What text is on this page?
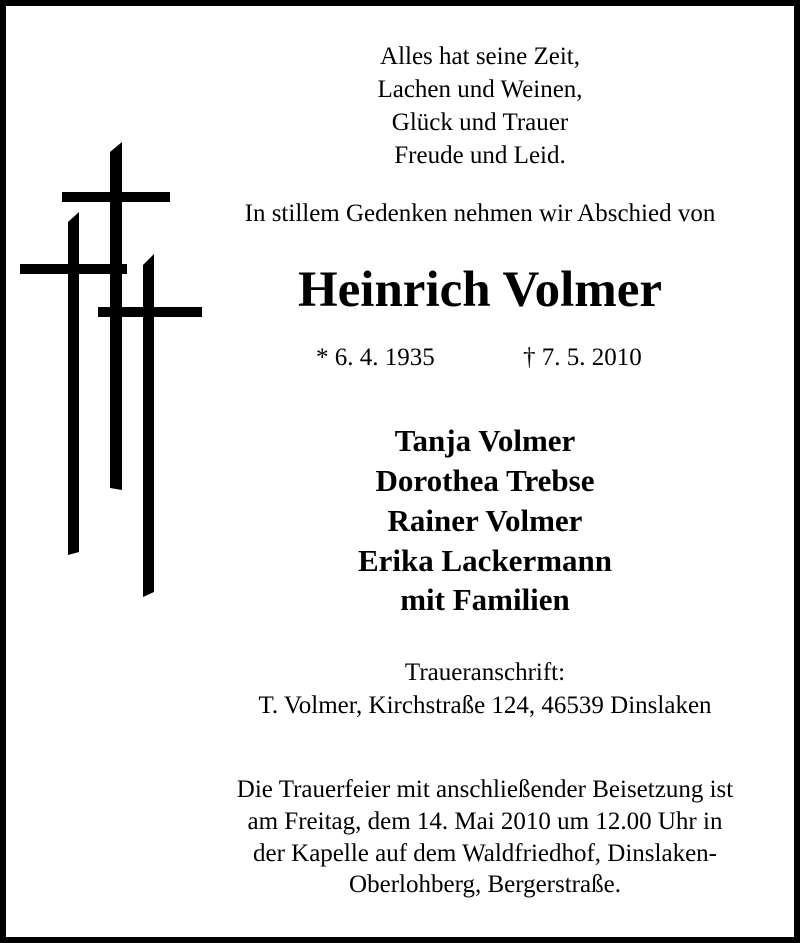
Alles hat seine Zeit,
Lachen und Weinen,
Glück und Trauer
Freude und Leid.
In stillem Gedenken nehmen wir Abschied von
Heinrich Volmer
* 6. 4. 1935	† 7. 5. 2010
Tanja Volmer
Dorothea Trebse
Rainer Volmer
Erika Lackermann
mit Familien
Traueranschrift:
T. Volmer, Kirchstraße 124, 46539 Dinslaken
Die Trauerfeier mit anschließender Beisetzung ist
am Freitag, dem 14. Mai 2010 um 12.00 Uhr in
der Kapelle auf dem Waldfriedhof, Dinslaken-
Oberlohberg, Bergerstraße.
